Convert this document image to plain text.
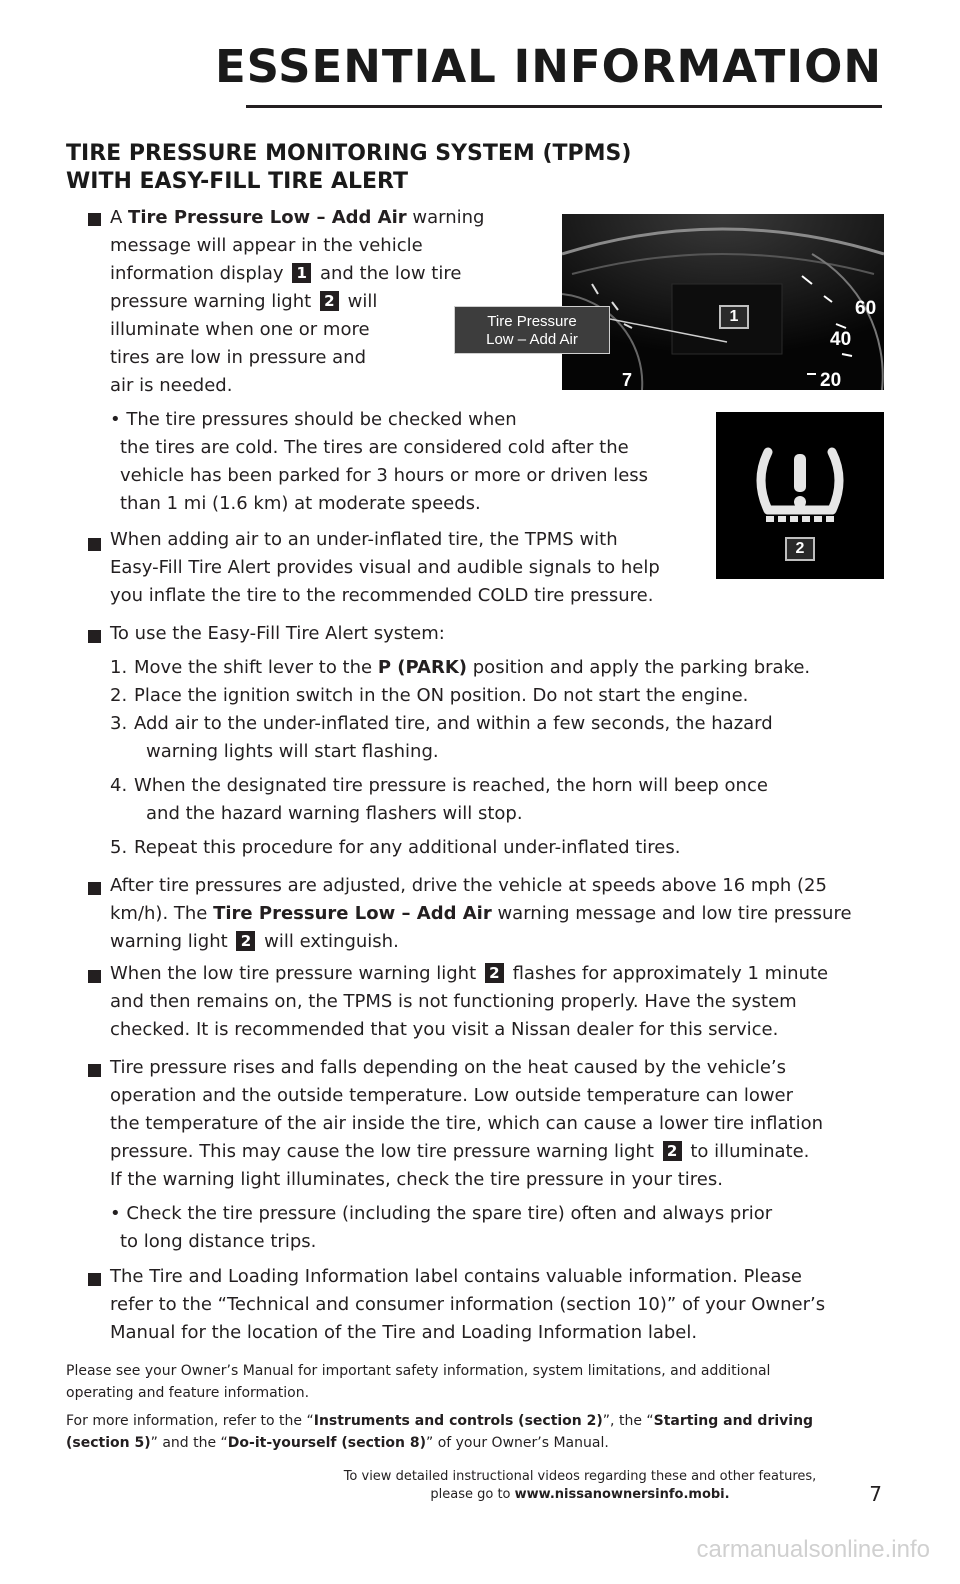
ESSENTIAL INFORMATION
TIRE PRESSURE MONITORING SYSTEM (TPMS)
WITH EASY-FILL TIRE ALERT
A Tire Pressure Low – Add Air warning
message will appear in the vehicle
information display 1 and the low tire
pressure warning light 2 will
illuminate when one or more
tires are low in pressure and
air is needed.
60
40
20
7
Tire Pressure
Low – Add Air
1
• The tire pressures should be checked when
the tires are cold. The tires are considered cold after the
vehicle has been parked for 3 hours or more or driven less
than 1 mi (1.6 km) at moderate speeds.
2
When adding air to an under-inflated tire, the TPMS with
Easy-Fill Tire Alert provides visual and audible signals to help
you inflate the tire to the recommended COLD tire pressure.
To use the Easy-Fill Tire Alert system:
1. Move the shift lever to the P (PARK) position and apply the parking brake.
2. Place the ignition switch in the ON position. Do not start the engine.
3. Add air to the under-inflated tire, and within a few seconds, the hazard
warning lights will start flashing.
4. When the designated tire pressure is reached, the horn will beep once
and the hazard warning flashers will stop.
5. Repeat this procedure for any additional under-inflated tires.
After tire pressures are adjusted, drive the vehicle at speeds above 16 mph (25
km/h). The Tire Pressure Low – Add Air warning message and low tire pressure
warning light 2 will extinguish.
When the low tire pressure warning light 2 flashes for approximately 1 minute
and then remains on, the TPMS is not functioning properly. Have the system
checked. It is recommended that you visit a Nissan dealer for this service.
Tire pressure rises and falls depending on the heat caused by the vehicle’s
operation and the outside temperature. Low outside temperature can lower
the temperature of the air inside the tire, which can cause a lower tire inflation
pressure. This may cause the low tire pressure warning light 2 to illuminate.
If the warning light illuminates, check the tire pressure in your tires.
• Check the tire pressure (including the spare tire) often and always prior
to long distance trips.
The Tire and Loading Information label contains valuable information. Please
refer to the “Technical and consumer information (section 10)” of your Owner’s
Manual for the location of the Tire and Loading Information label.
Please see your Owner’s Manual for important safety information, system limitations, and additional
operating and feature information.
For more information, refer to the “Instruments and controls (section 2)”, the “Starting and driving
(section 5)” and the “Do-it-yourself (section 8)” of your Owner’s Manual.
To view detailed instructional videos regarding these and other features,
please go to www.nissanownersinfo.mobi.	7
carmanualsonline.info
